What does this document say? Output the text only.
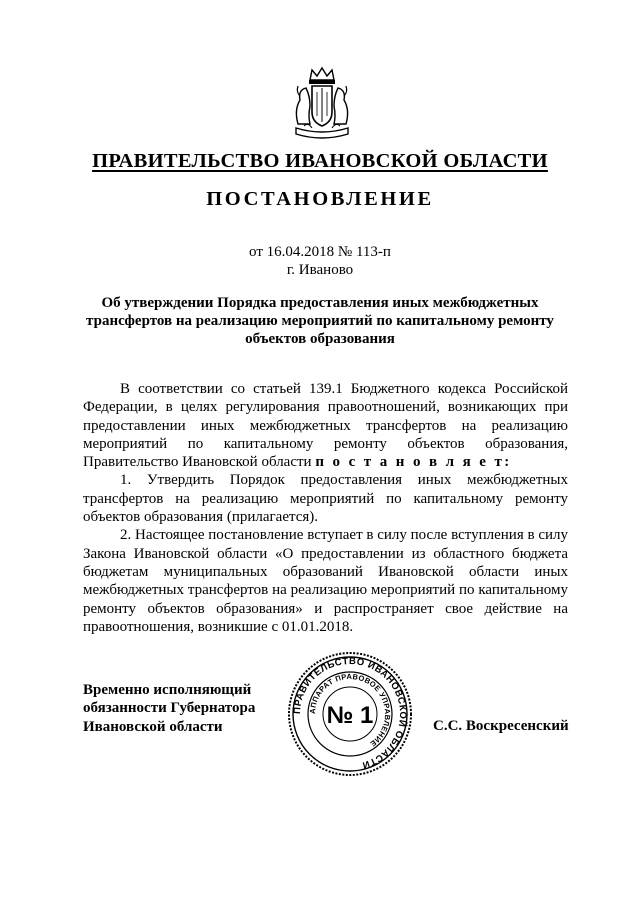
ПРАВИТЕЛЬСТВО ИВАНОВСКОЙ ОБЛАСТИ
ПОСТАНОВЛЕНИЕ
от 16.04.2018 № 113-п
г. Иваново
Об утверждении Порядка предоставления иных межбюджетных трансфертов на реализацию мероприятий по капитальному ремонту объектов образования

В соответствии со статьей 139.1 Бюджетного кодекса Российской Федерации, в целях регулирования правоотношений, возникающих при предоставлении иных межбюджетных трансфертов на реализацию мероприятий по капитальному ремонту объектов образования, Правительство Ивановской области п о с т а н о в л я е т:

1. Утвердить Порядок предоставления иных межбюджетных трансфертов на реализацию мероприятий по капитальному ремонту объектов образования (прилагается).

2. Настоящее постановление вступает в силу после вступления в силу Закона Ивановской области «О предоставлении из областного бюджета бюджетам муниципальных образований Ивановской области иных межбюджетных трансфертов на реализацию мероприятий по капитальному ремонту объектов образования» и распространяет свое действие на правоотношения, возникшие с 01.01.2018.

Временно исполняющий
обязанности Губернатора
Ивановской области	С.С. Воскресенский
ПРАВИТЕЛЬСТВО ИВАНОВСКОЙ ОБЛАСТИ
АППАРАТ ПРАВОВОЕ УПРАВЛЕНИЕ
№ 1
